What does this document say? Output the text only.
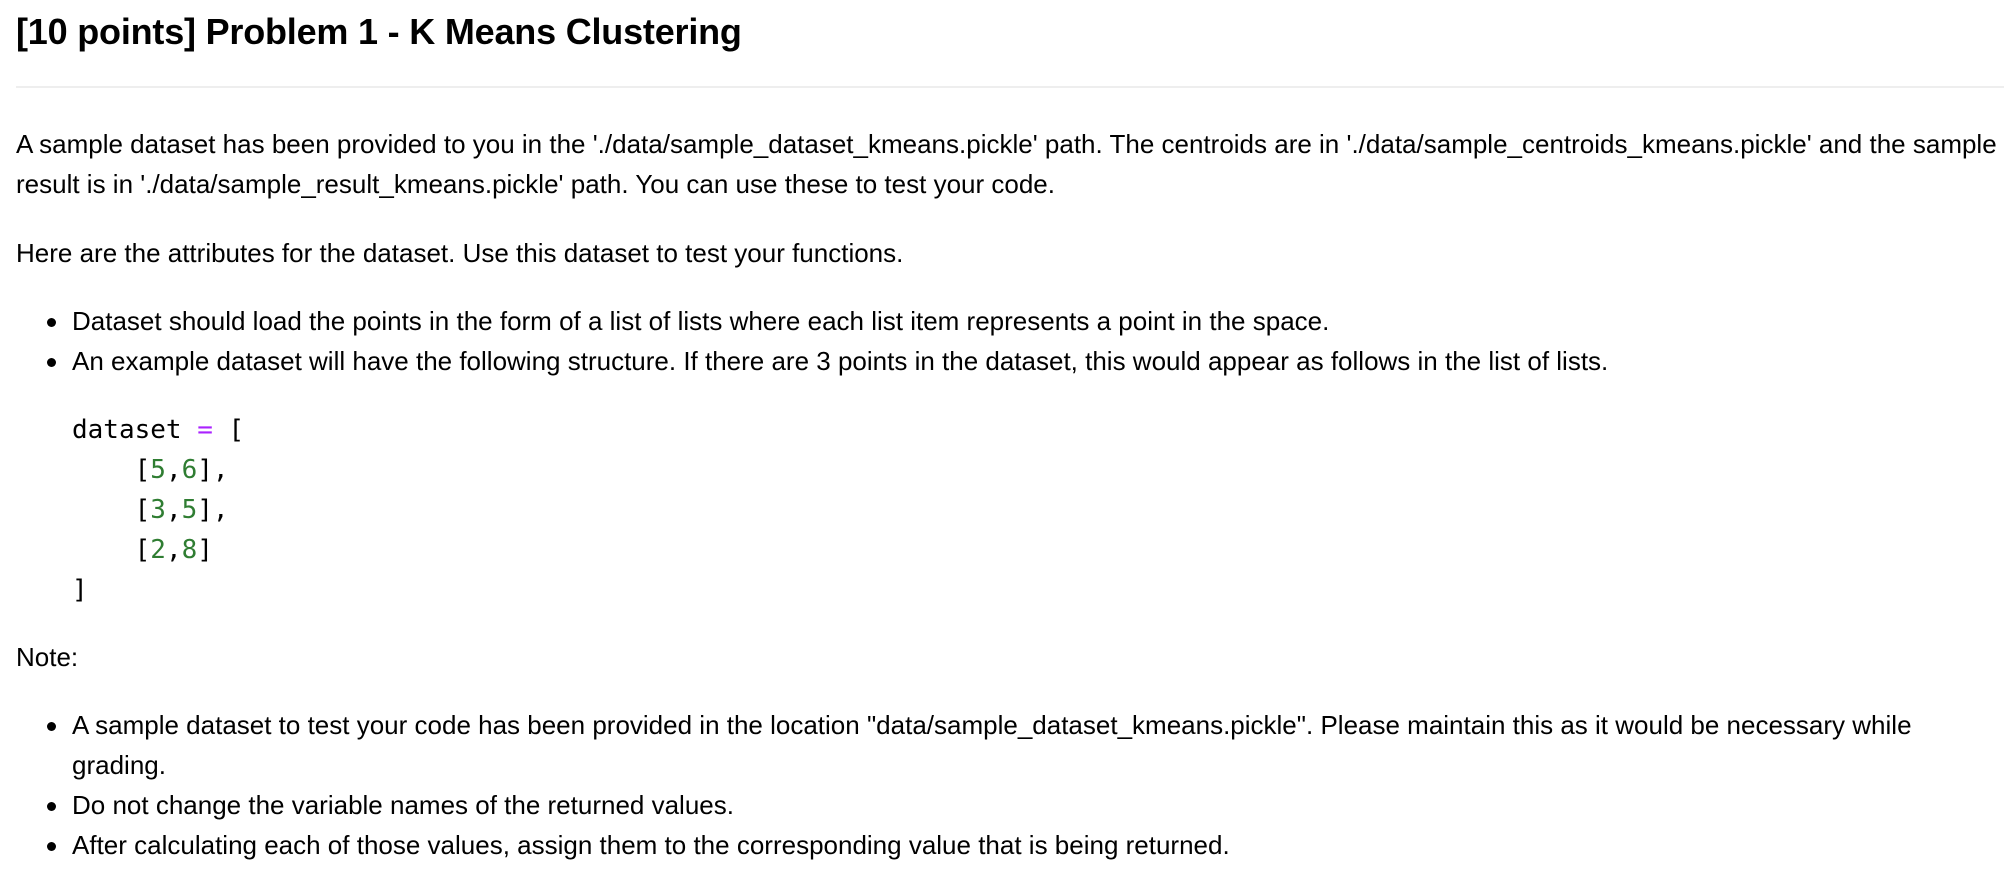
[10 points] Problem 1 - K Means Clustering

A sample dataset has been provided to you in the './data/sample_dataset_kmeans.pickle' path. The centroids are in './data/sample_centroids_kmeans.pickle' and the sample result is in './data/sample_result_kmeans.pickle' path. You can use these to test your code.

Here are the attributes for the dataset. Use this dataset to test your functions.

Dataset should load the points in the form of a list of lists where each list item represents a point in the space.
An example dataset will have the following structure. If there are 3 points in the dataset, this would appear as follows in the list of lists.
dataset = [
[5,6],
[3,5],
[2,8]
]

Note:

A sample dataset to test your code has been provided in the location "data/sample_dataset_kmeans.pickle". Please maintain this as it would be necessary while grading.
Do not change the variable names of the returned values.
After calculating each of those values, assign them to the corresponding value that is being returned.
